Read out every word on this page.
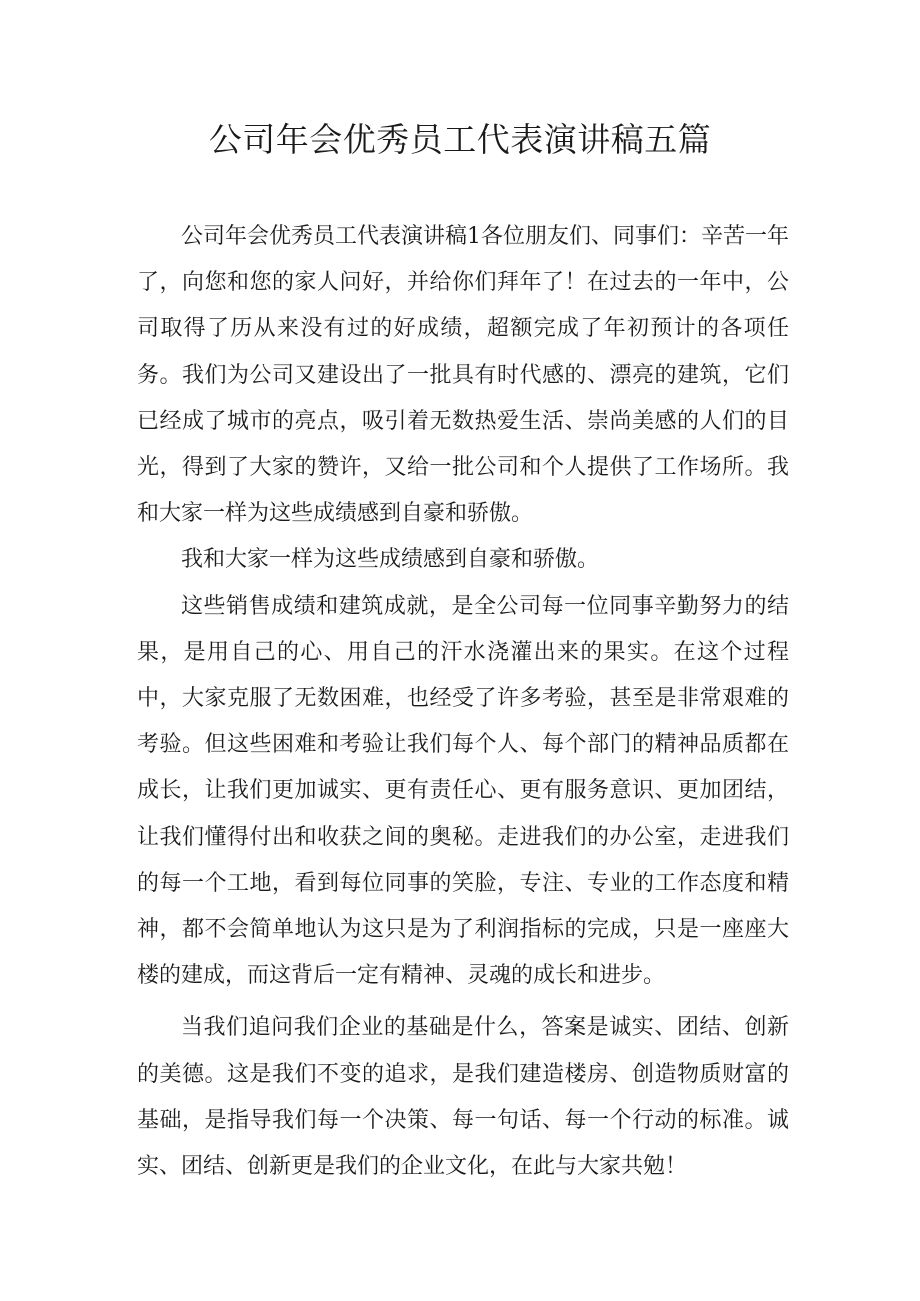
公司年会优秀员工代表演讲稿五篇

公司年会优秀员工代表演讲稿1各位朋友们、同事们：辛苦一年了，向您和您的家人问好，并给你们拜年了！在过去的一年中，公司取得了历从来没有过的好成绩，超额完成了年初预计的各项任务。我们为公司又建设出了一批具有时代感的、漂亮的建筑，它们已经成了城市的亮点，吸引着无数热爱生活、崇尚美感的人们的目光，得到了大家的赞许，又给一批公司和个人提供了工作场所。我和大家一样为这些成绩感到自豪和骄傲。

我和大家一样为这些成绩感到自豪和骄傲。

这些销售成绩和建筑成就，是全公司每一位同事辛勤努力的结果，是用自己的心、用自己的汗水浇灌出来的果实。在这个过程中，大家克服了无数困难，也经受了许多考验，甚至是非常艰难的考验。但这些困难和考验让我们每个人、每个部门的精神品质都在成长，让我们更加诚实、更有责任心、更有服务意识、更加团结，让我们懂得付出和收获之间的奥秘。走进我们的办公室，走进我们的每一个工地，看到每位同事的笑脸，专注、专业的工作态度和精神，都不会简单地认为这只是为了利润指标的完成，只是一座座大楼的建成，而这背后一定有精神、灵魂的成长和进步。

当我们追问我们企业的基础是什么，答案是诚实、团结、创新的美德。这是我们不变的追求，是我们建造楼房、创造物质财富的基础，是指导我们每一个决策、每一句话、每一个行动的标准。诚实、团结、创新更是我们的企业文化，在此与大家共勉！
